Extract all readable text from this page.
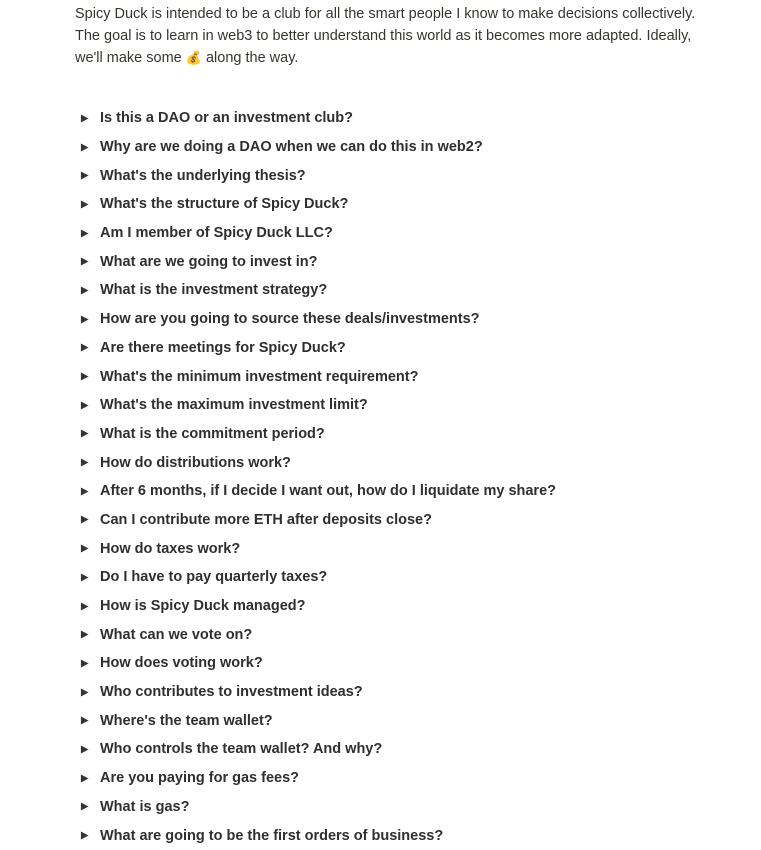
Spicy Duck is intended to be a club for all the smart people I know to make decisions collectively.
The goal is to learn in web3 to better understand this world as it becomes more adapted. Ideally,
we'll make some 💰 along the way.

Is this a DAO or an investment club?
Why are we doing a DAO when we can do this in web2?
What's the underlying thesis?
What's the structure of Spicy Duck?
Am I member of Spicy Duck LLC?
What are we going to invest in?
What is the investment strategy?
How are you going to source these deals/investments?
Are there meetings for Spicy Duck?
What's the minimum investment requirement?
What's the maximum investment limit?
What is the commitment period?
How do distributions work?
After 6 months, if I decide I want out, how do I liquidate my share?
Can I contribute more ETH after deposits close?
How do taxes work?
Do I have to pay quarterly taxes?
How is Spicy Duck managed?
What can we vote on?
How does voting work?
Who contributes to investment ideas?
Where's the team wallet?
Who controls the team wallet? And why?
Are you paying for gas fees?
What is gas?
What are going to be the first orders of business?
